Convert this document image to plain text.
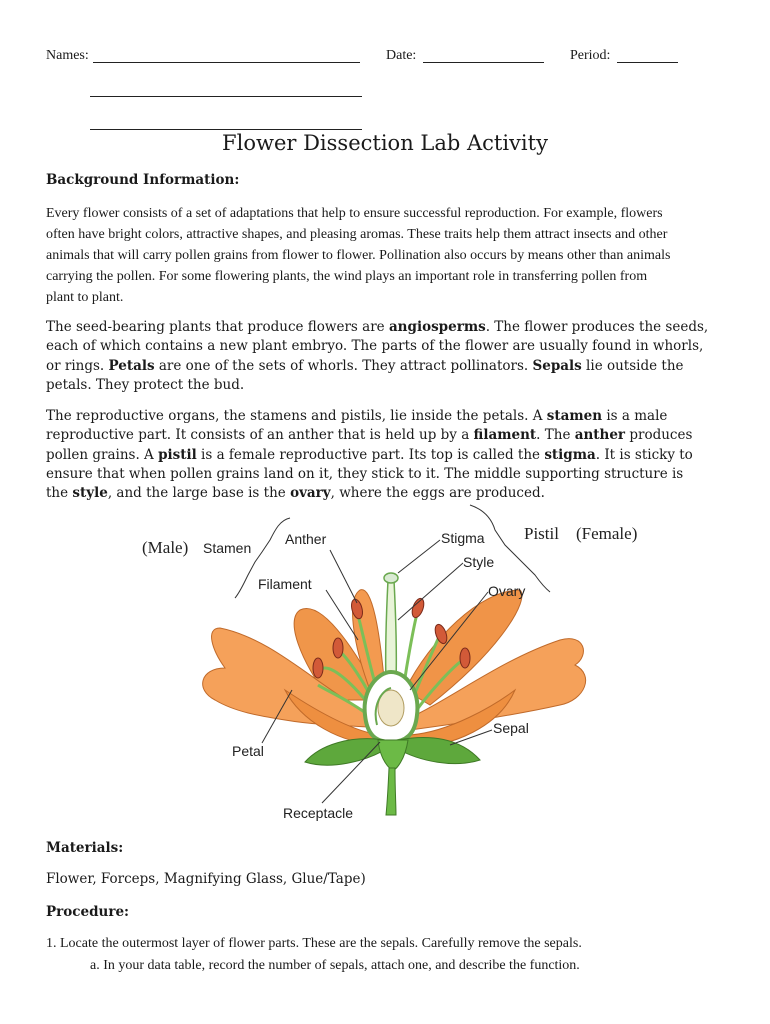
Names:	Date:	Period:
Flower Dissection Lab Activity
Background Information:

Every flower consists of a set of adaptations that help to ensure successful reproduction. For example, flowers

often have bright colors, attractive shapes, and pleasing aromas. These traits help them attract insects and other

animals that will carry pollen grains from flower to flower. Pollination also occurs by means other than animals

carrying the pollen. For some flowering plants, the wind plays an important role in transferring pollen from

plant to plant.

The seed-bearing plants that produce flowers are angiosperms. The flower produces the seeds,

each of which contains a new plant embryo. The parts of the flower are usually found in whorls,

or rings. Petals are one of the sets of whorls. They attract pollinators. Sepals lie outside the

petals. They protect the bud.

The reproductive organs, the stamens and pistils, lie inside the petals. A stamen is a male

reproductive part. It consists of an anther that is held up by a filament. The anther produces

pollen grains. A pistil is a female reproductive part. Its top is called the stigma. It is sticky to

ensure that when pollen grains land on it, they stick to it. The middle supporting structure is

the style, and the large base is the ovary, where the eggs are produced.

(Male) Stamen
Anther
Filament
Stigma
Style
Ovary
Pistil (Female)
Sepal
Petal
Receptacle
Materials:
Flower, Forceps, Magnifying Glass, Glue/Tape)
Procedure:
1. Locate the outermost layer of flower parts. These are the sepals. Carefully remove the sepals.
a. In your data table, record the number of sepals, attach one, and describe the function.
